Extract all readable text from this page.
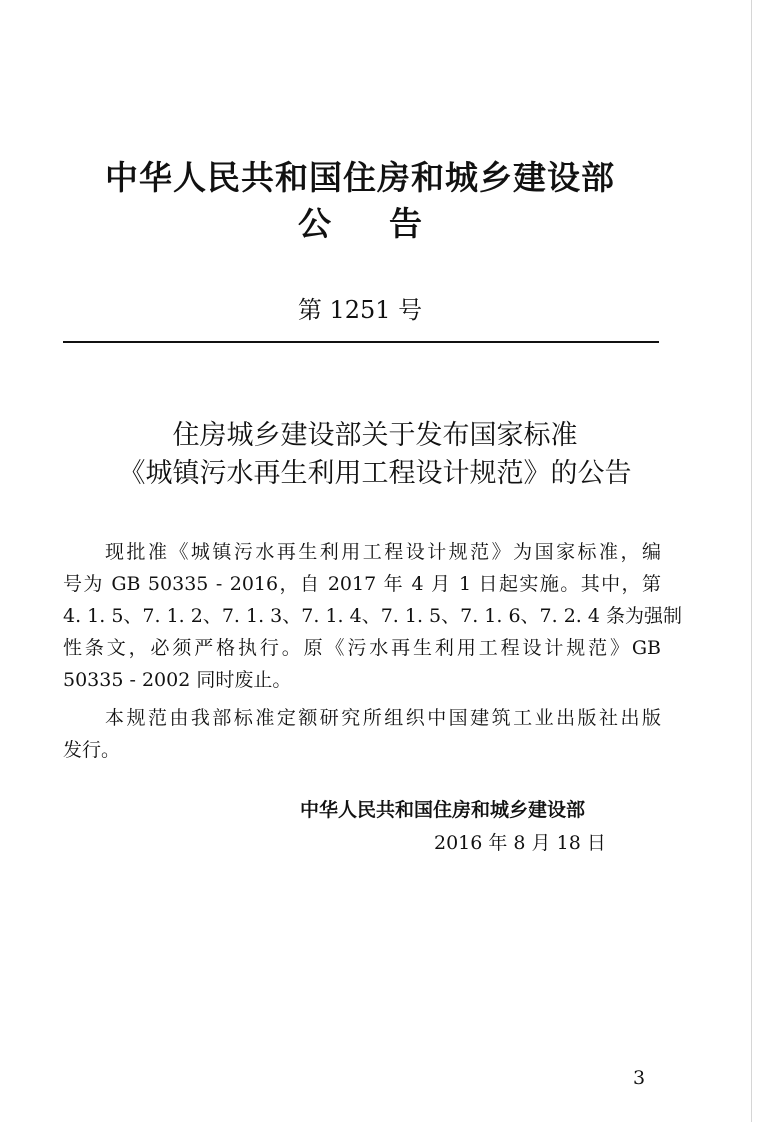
中华人民共和国住房和城乡建设部
公告
第 1251 号
住房城乡建设部关于发布国家标准
《城镇污水再生利用工程设计规范》的公告
现批准《城镇污水再生利用工程设计规范》为国家标准，编
号为 GB 50335 - 2016，自 2017 年 4 月 1 日起实施。其中，第
4. 1. 5、7. 1. 2、7. 1. 3、7. 1. 4、7. 1. 5、7. 1. 6、7. 2. 4 条为强制
性条文，必须严格执行。原《污水再生利用工程设计规范》GB
50335 - 2002 同时废止。
本规范由我部标准定额研究所组织中国建筑工业出版社出版
发行。
中华人民共和国住房和城乡建设部
2016 年 8 月 18 日
3
